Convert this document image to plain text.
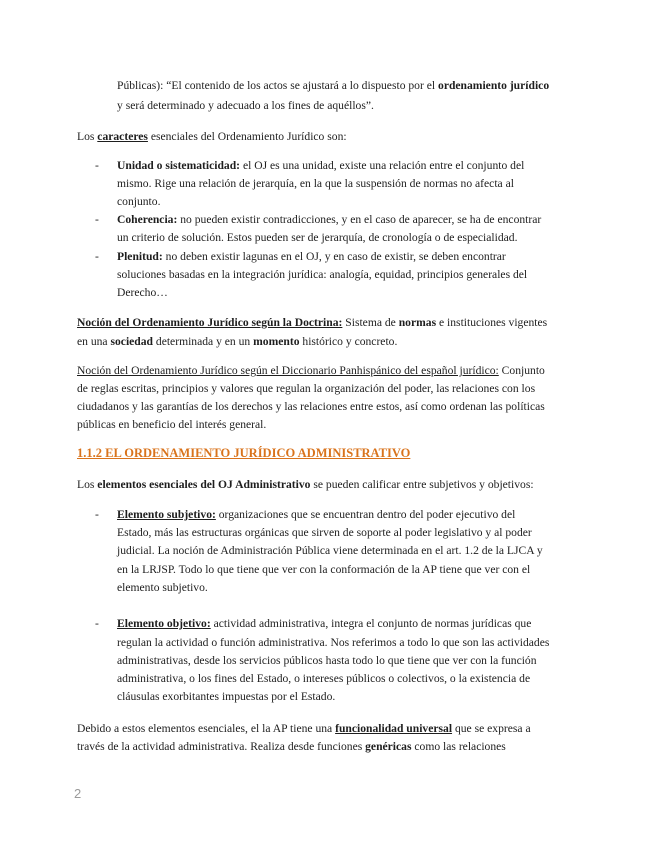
Públicas): “El contenido de los actos se ajustará a lo dispuesto por el ordenamiento jurídico
y será determinado y adecuado a los fines de aquéllos”.
Los caracteres esenciales del Ordenamiento Jurídico son:
- Unidad o sistematicidad: el OJ es una unidad, existe una relación entre el conjunto del
mismo. Rige una relación de jerarquía, en la que la suspensión de normas no afecta al
conjunto.
- Coherencia: no pueden existir contradicciones, y en el caso de aparecer, se ha de encontrar
un criterio de solución. Estos pueden ser de jerarquía, de cronología o de especialidad.
- Plenitud: no deben existir lagunas en el OJ, y en caso de existir, se deben encontrar
soluciones basadas en la integración jurídica: analogía, equidad, principios generales del
Derecho…
Noción del Ordenamiento Jurídico según la Doctrina: Sistema de normas e instituciones vigentes
en una sociedad determinada y en un momento histórico y concreto.
Noción del Ordenamiento Jurídico según el Diccionario Panhispánico del español jurídico: Conjunto
de reglas escritas, principios y valores que regulan la organización del poder, las relaciones con los
ciudadanos y las garantías de los derechos y las relaciones entre estos, así como ordenan las políticas
públicas en beneficio del interés general.
1.1.2 EL ORDENAMIENTO JURÍDICO ADMINISTRATIVO
Los elementos esenciales del OJ Administrativo se pueden calificar entre subjetivos y objetivos:
- Elemento subjetivo: organizaciones que se encuentran dentro del poder ejecutivo del
Estado, más las estructuras orgánicas que sirven de soporte al poder legislativo y al poder
judicial. La noción de Administración Pública viene determinada en el art. 1.2 de la LJCA y
en la LRJSP. Todo lo que tiene que ver con la conformación de la AP tiene que ver con el
elemento subjetivo.
- Elemento objetivo: actividad administrativa, integra el conjunto de normas jurídicas que
regulan la actividad o función administrativa. Nos referimos a todo lo que son las actividades
administrativas, desde los servicios públicos hasta todo lo que tiene que ver con la función
administrativa, o los fines del Estado, o intereses públicos o colectivos, o la existencia de
cláusulas exorbitantes impuestas por el Estado.
Debido a estos elementos esenciales, el la AP tiene una funcionalidad universal que se expresa a
través de la actividad administrativa. Realiza desde funciones genéricas como las relaciones
2
